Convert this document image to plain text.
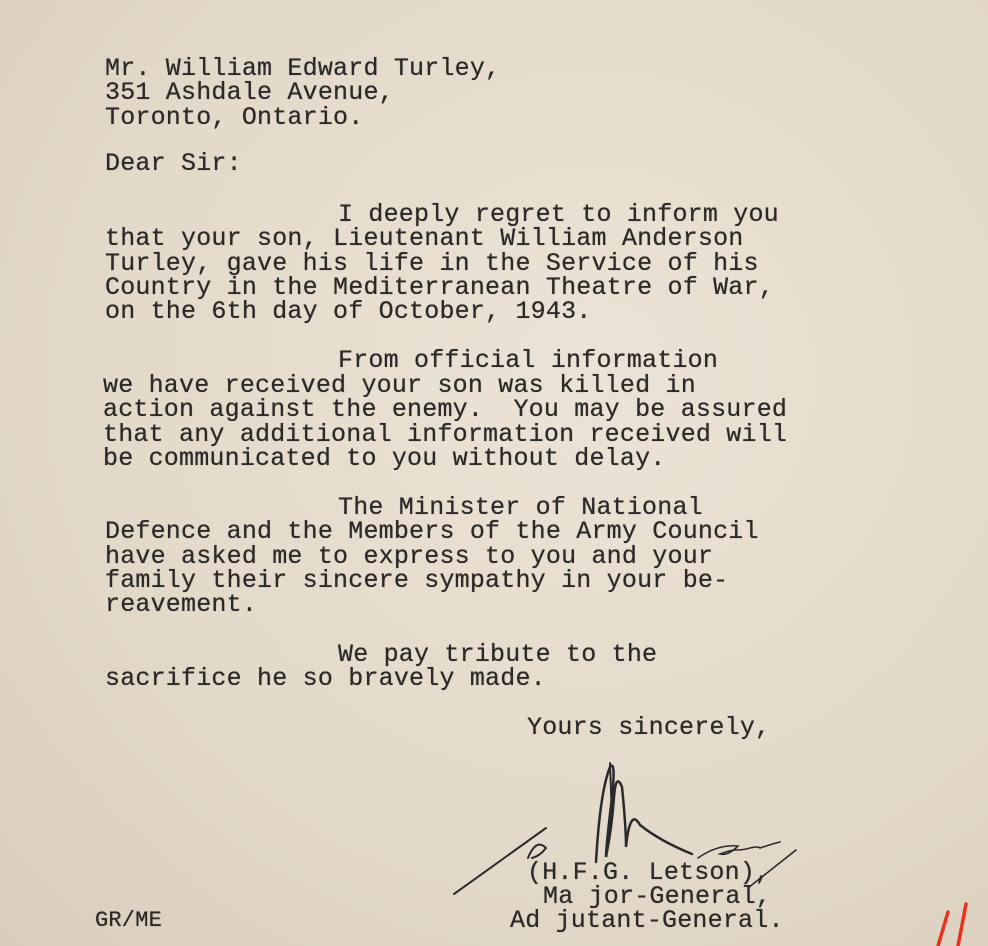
Mr. William Edward Turley,
351 Ashdale Avenue,
Toronto, Ontario.
Dear Sir:
I deeply regret to inform you
that your son, Lieutenant William Anderson
Turley, gave his life in the Service of his
Country in the Mediterranean Theatre of War,
on the 6th day of October, 1943.
From official information
we have received your son was killed in
action against the enemy.  You may be assured
that any additional information received will
be communicated to you without delay.
The Minister of National
Defence and the Members of the Army Council
have asked me to express to you and your
family their sincere sympathy in your be-
reavement.
We pay tribute to the
sacrifice he so bravely made.
Yours sincerely,
(H.F.G. Letson),
Ma jor-General,
Ad jutant-General.
GR/ME
